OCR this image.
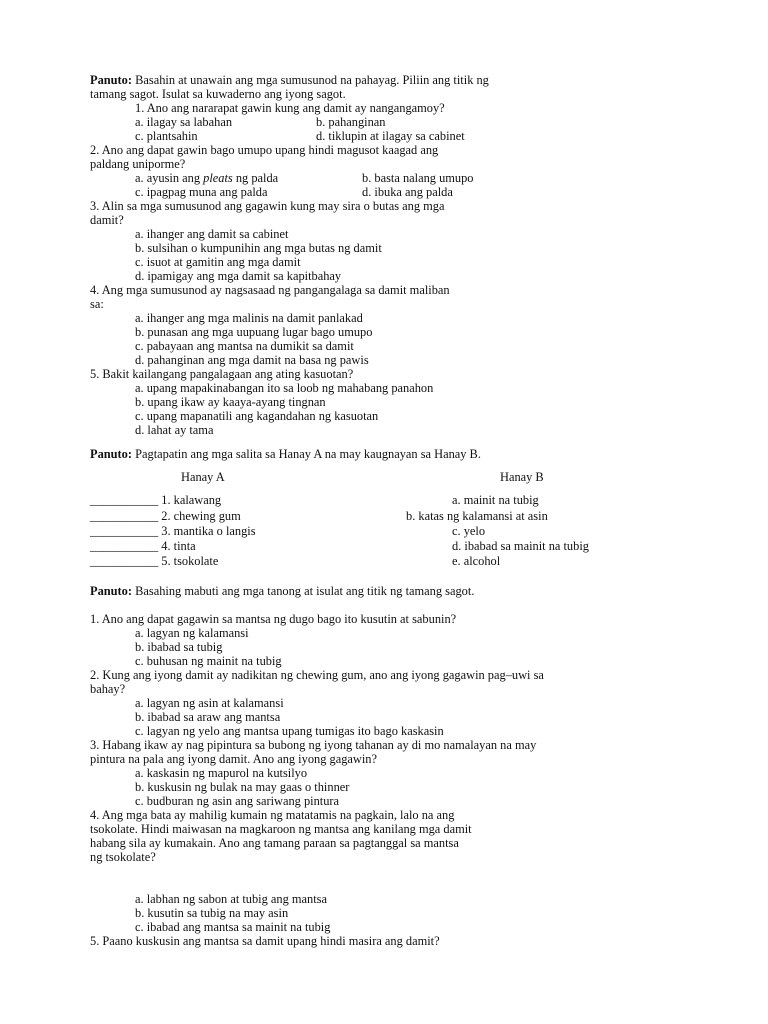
Panuto: Basahin at unawain ang mga sumusunod na pahayag. Piliin ang titik ng
tamang sagot. Isulat sa kuwaderno ang iyong sagot.
1. Ano ang nararapat gawin kung ang damit ay nangangamoy?
a. ilagay sa labahan	b. pahanginan
c. plantsahin	d. tiklupin at ilagay sa cabinet
2. Ano ang dapat gawin bago umupo upang hindi magusot kaagad ang
paldang uniporme?
a. ayusin ang pleats ng palda	b. basta nalang umupo
c. ipagpag muna ang palda	d. ibuka ang palda
3. Alin sa mga sumusunod ang gagawin kung may sira o butas ang mga
damit?
a. ihanger ang damit sa cabinet
b. sulsihan o kumpunihin ang mga butas ng damit
c. isuot at gamitin ang mga damit
d. ipamigay ang mga damit sa kapitbahay
4. Ang mga sumusunod ay nagsasaad ng pangangalaga sa damit maliban
sa:
a. ihanger ang mga malinis na damit panlakad
b. punasan ang mga uupuang lugar bago umupo
c. pabayaan ang mantsa na dumikit sa damit
d. pahanginan ang mga damit na basa ng pawis
5. Bakit kailangang pangalagaan ang ating kasuotan?
a. upang mapakinabangan ito sa loob ng mahabang panahon
b. upang ikaw ay kaaya-ayang tingnan
c. upang mapanatili ang kagandahan ng kasuotan
d. lahat ay tama
Panuto: Pagtapatin ang mga salita sa Hanay A na may kaugnayan sa Hanay B.
Hanay A	Hanay B
___________ 1. kalawang	a. mainit na tubig
___________ 2. chewing gum	b. katas ng kalamansi at asin
___________ 3. mantika o langis	c. yelo
___________ 4. tinta	d. ibabad sa mainit na tubig
___________ 5. tsokolate	e. alcohol
Panuto: Basahing mabuti ang mga tanong at isulat ang titik ng tamang sagot.
1. Ano ang dapat gagawin sa mantsa ng dugo bago ito kusutin at sabunin?
a. lagyan ng kalamansi
b. ibabad sa tubig
c. buhusan ng mainit na tubig
2. Kung ang iyong damit ay nadikitan ng chewing gum, ano ang iyong gagawin pag–uwi sa
bahay?
a. lagyan ng asin at kalamansi
b. ibabad sa araw ang mantsa
c. lagyan ng yelo ang mantsa upang tumigas ito bago kaskasin
3. Habang ikaw ay nag pipintura sa bubong ng iyong tahanan ay di mo namalayan na may
pintura na pala ang iyong damit. Ano ang iyong gagawin?
a. kaskasin ng mapurol na kutsilyo
b. kuskusin ng bulak na may gaas o thinner
c. budburan ng asin ang sariwang pintura
4. Ang mga bata ay mahilig kumain ng matatamis na pagkain, lalo na ang
tsokolate. Hindi maiwasan na magkaroon ng mantsa ang kanilang mga damit
habang sila ay kumakain. Ano ang tamang paraan sa pagtanggal sa mantsa
ng tsokolate?
a. labhan ng sabon at tubig ang mantsa
b. kusutin sa tubig na may asin
c. ibabad ang mantsa sa mainit na tubig
5. Paano kuskusin ang mantsa sa damit upang hindi masira ang damit?
